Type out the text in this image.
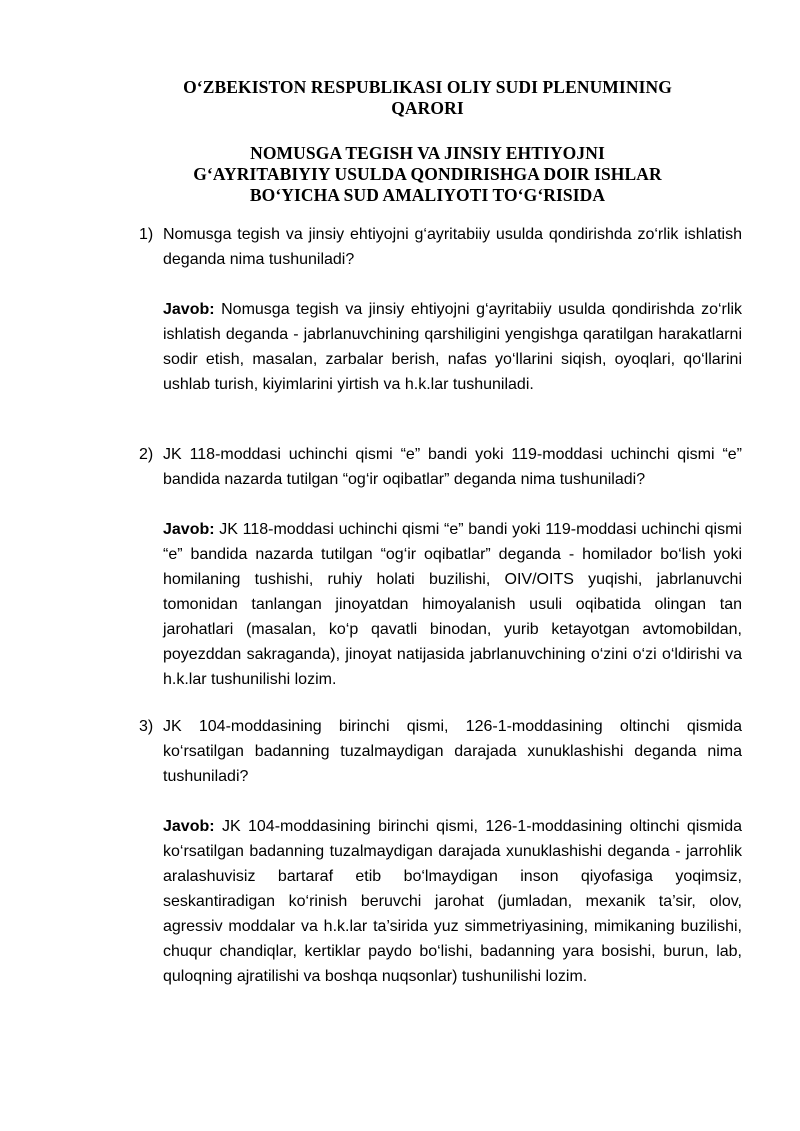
O‘ZBEKISTON RESPUBLIKASI OLIY SUDI PLENUMINING
QARORI
NOMUSGA TEGISH VA JINSIY EHTIYOJNI
G‘AYRITABIYIY USULDA QONDIRISHGA DOIR ISHLAR
BO‘YICHA SUD AMALIYOTI TO‘G‘RISIDA
1) Nomusga tegish va jinsiy ehtiyojni g‘ayritabiiy usulda qondirishda zo‘rlik ishlatish deganda nima tushuniladi?

Javob: Nomusga tegish va jinsiy ehtiyojni g‘ayritabiiy usulda qondirishda zo‘rlik ishlatish deganda - jabrlanuvchining qarshiligini yengishga qaratilgan harakatlarni sodir etish, masalan, zarbalar berish, nafas yo‘llarini siqish, oyoqlari, qo‘llarini ushlab turish, kiyimlarini yirtish va h.k.lar tushuniladi.

2) JK 118-moddasi uchinchi qismi “e” bandi yoki 119-moddasi uchinchi qismi “e” bandida nazarda tutilgan “og‘ir oqibatlar” deganda nima tushuniladi?

Javob: JK 118-moddasi uchinchi qismi “e” bandi yoki 119-moddasi uchinchi qismi “e” bandida nazarda tutilgan “og‘ir oqibatlar” deganda - homilador bo‘lish yoki homilaning tushishi, ruhiy holati buzilishi, OIV/OITS yuqishi, jabrlanuvchi tomonidan tanlangan jinoyatdan himoyalanish usuli oqibatida olingan tan jarohatlari (masalan, ko‘p qavatli binodan, yurib ketayotgan avtomobildan, poyezddan sakraganda), jinoyat natijasida jabrlanuvchining o‘zini o‘zi o‘ldirishi va h.k.lar tushunilishi lozim.

3) JK 104-moddasining birinchi qismi, 126-1-moddasining oltinchi qismida ko‘rsatilgan badanning tuzalmaydigan darajada xunuklashishi deganda nima tushuniladi?

Javob: JK 104-moddasining birinchi qismi, 126-1-moddasining oltinchi qismida ko‘rsatilgan badanning tuzalmaydigan darajada xunuklashishi deganda - jarrohlik aralashuvisiz bartaraf etib bo‘lmaydigan inson qiyofasiga yoqimsiz, seskantiradigan ko‘rinish beruvchi jarohat (jumladan, mexanik ta’sir, olov, agressiv moddalar va h.k.lar ta’sirida yuz simmetriyasining, mimikaning buzilishi, chuqur chandiqlar, kertiklar paydo bo‘lishi, badanning yara bosishi, burun, lab, quloqning ajratilishi va boshqa nuqsonlar) tushunilishi lozim.
